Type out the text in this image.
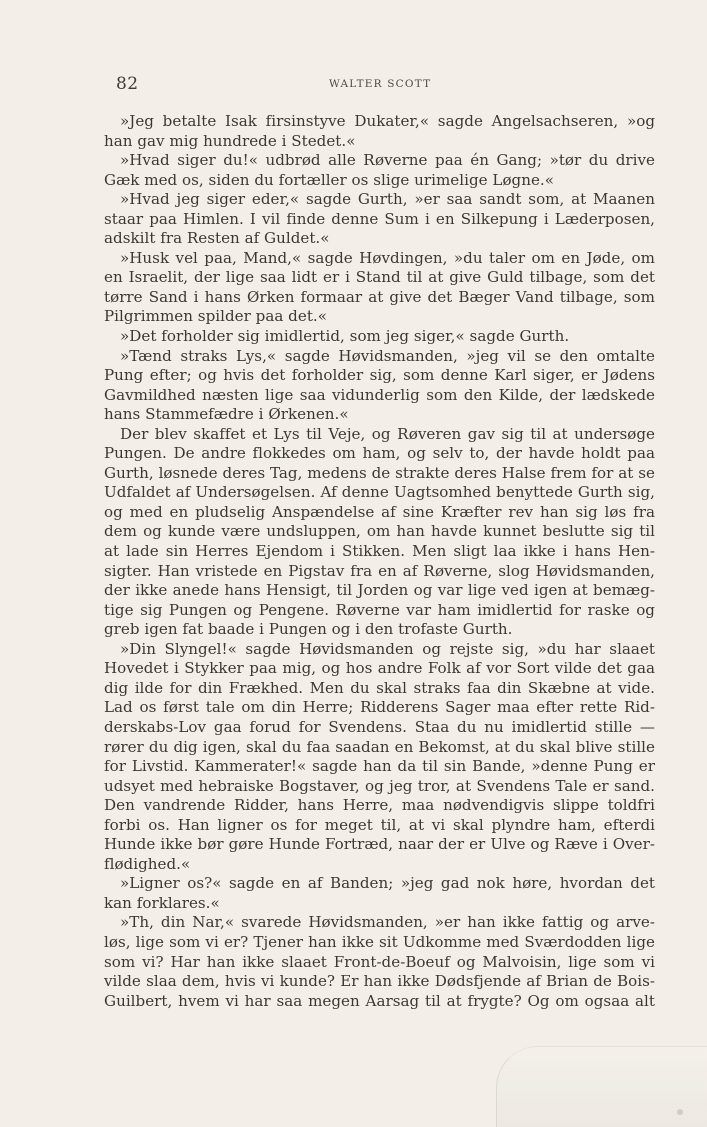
82	WALTER SCOTT
»Jeg betalte Isak firsinstyve Dukater,« sagde Angelsachseren, »og
han gav mig hundrede i Stedet.«
»Hvad siger du!« udbrød alle Røverne paa én Gang; »tør du drive
Gæk med os, siden du fortæller os slige urimelige Løgne.«
»Hvad jeg siger eder,« sagde Gurth, »er saa sandt som, at Maanen
staar paa Himlen. I vil finde denne Sum i en Silkepung i Læderposen,
adskilt fra Resten af Guldet.«
»Husk vel paa, Mand,« sagde Høvdingen, »du taler om en Jøde, om
en Israelit, der lige saa lidt er i Stand til at give Guld tilbage, som det
tørre Sand i hans Ørken formaar at give det Bæger Vand tilbage, som
Pilgrimmen spilder paa det.«
»Det forholder sig imidlertid, som jeg siger,« sagde Gurth.
»Tænd straks Lys,« sagde Høvidsmanden, »jeg vil se den omtalte
Pung efter; og hvis det forholder sig, som denne Karl siger, er Jødens
Gavmildhed næsten lige saa vidunderlig som den Kilde, der lædskede
hans Stammefædre i Ørkenen.«
Der blev skaffet et Lys til Veje, og Røveren gav sig til at undersøge
Pungen. De andre flokkedes om ham, og selv to, der havde holdt paa
Gurth, løsnede deres Tag, medens de strakte deres Halse frem for at se
Udfaldet af Undersøgelsen. Af denne Uagtsomhed benyttede Gurth sig,
og med en pludselig Anspændelse af sine Kræfter rev han sig løs fra
dem og kunde være undsluppen, om han havde kunnet beslutte sig til
at lade sin Herres Ejendom i Stikken. Men sligt laa ikke i hans Hen-
sigter. Han vristede en Pigstav fra en af Røverne, slog Høvidsmanden,
der ikke anede hans Hensigt, til Jorden og var lige ved igen at bemæg-
tige sig Pungen og Pengene. Røverne var ham imidlertid for raske og
greb igen fat baade i Pungen og i den trofaste Gurth.
»Din Slyngel!« sagde Høvidsmanden og rejste sig, »du har slaaet
Hovedet i Stykker paa mig, og hos andre Folk af vor Sort vilde det gaa
dig ilde for din Frækhed. Men du skal straks faa din Skæbne at vide.
Lad os først tale om din Herre; Ridderens Sager maa efter rette Rid-
derskabs-Lov gaa forud for Svendens. Staa du nu imidlertid stille —
rører du dig igen, skal du faa saadan en Bekomst, at du skal blive stille
for Livstid. Kammerater!« sagde han da til sin Bande, »denne Pung er
udsyet med hebraiske Bogstaver, og jeg tror, at Svendens Tale er sand.
Den vandrende Ridder, hans Herre, maa nødvendigvis slippe toldfri
forbi os. Han ligner os for meget til, at vi skal plyndre ham, efterdi
Hunde ikke bør gøre Hunde Fortræd, naar der er Ulve og Ræve i Over-
flødighed.«
»Ligner os?« sagde en af Banden; »jeg gad nok høre, hvordan det
kan forklares.«
»Th, din Nar,« svarede Høvidsmanden, »er han ikke fattig og arve-
løs, lige som vi er? Tjener han ikke sit Udkomme med Sværdodden lige
som vi? Har han ikke slaaet Front-de-Boeuf og Malvoisin, lige som vi
vilde slaa dem, hvis vi kunde? Er han ikke Dødsfjende af Brian de Bois-
Guilbert, hvem vi har saa megen Aarsag til at frygte? Og om ogsaa alt
